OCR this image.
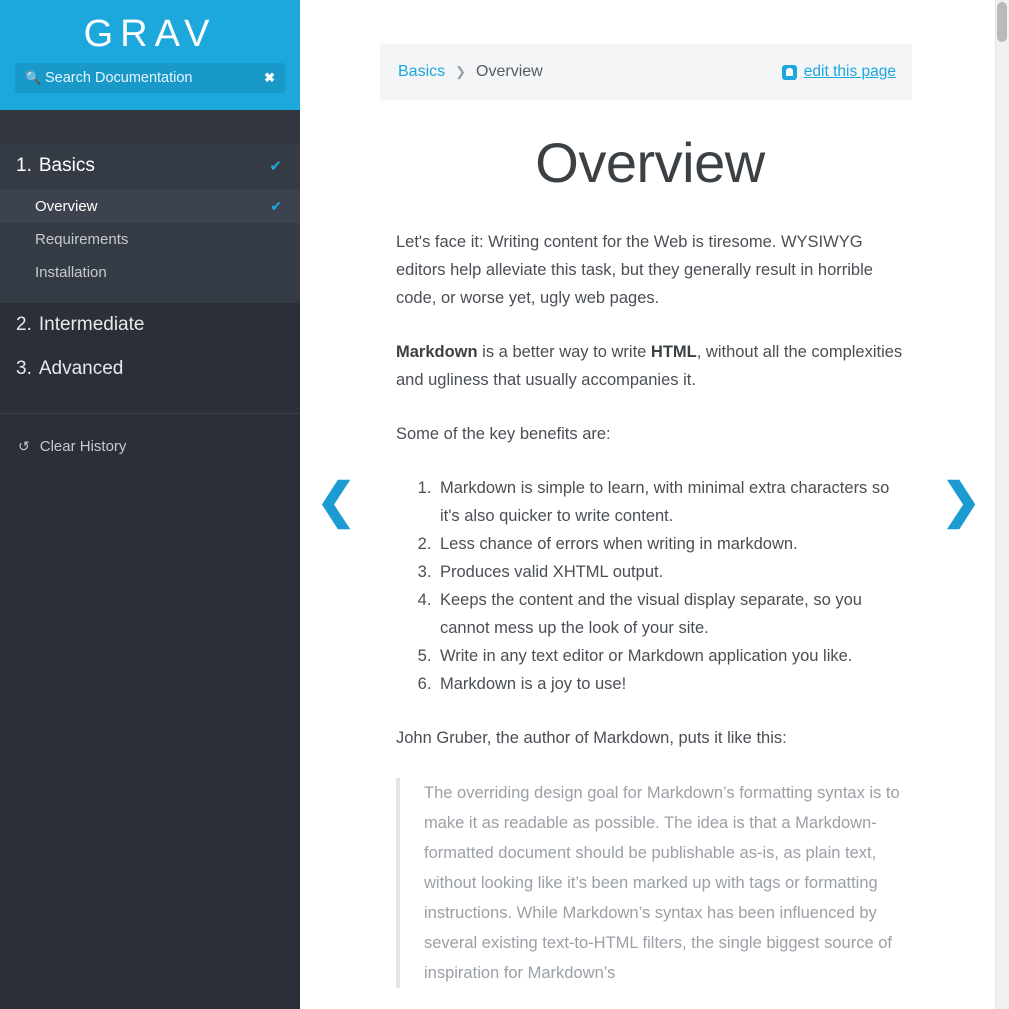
GRAV
🔍
Search Documentation	✖
1. Basics	✔
Overview	✔
Requirements
Installation
2. Intermediate
3. Advanced
↺ Clear History
Basics ❯ Overview	edit this page
Overview

Let's face it: Writing content for the Web is tiresome. WYSIWYG editors help alleviate this task, but they generally result in horrible code, or worse yet, ugly web pages.

Markdown is a better way to write HTML, without all the complexities and ugliness that usually accompanies it.

Some of the key benefits are:

1. Markdown is simple to learn, with minimal extra characters so it's also quicker to write content.
2. Less chance of errors when writing in markdown.
3. Produces valid XHTML output.
4. Keeps the content and the visual display separate, so you cannot mess up the look of your site.
5. Write in any text editor or Markdown application you like.
6. Markdown is a joy to use!

John Gruber, the author of Markdown, puts it like this:

The overriding design goal for Markdown’s formatting syntax is to make it as readable as possible. The idea is that a Markdown-formatted document should be publishable as-is, as plain text, without looking like it’s been marked up with tags or formatting instructions. While Markdown’s syntax has been influenced by several existing text-to-HTML filters, the single biggest source of inspiration for Markdown’s

❮	❯
